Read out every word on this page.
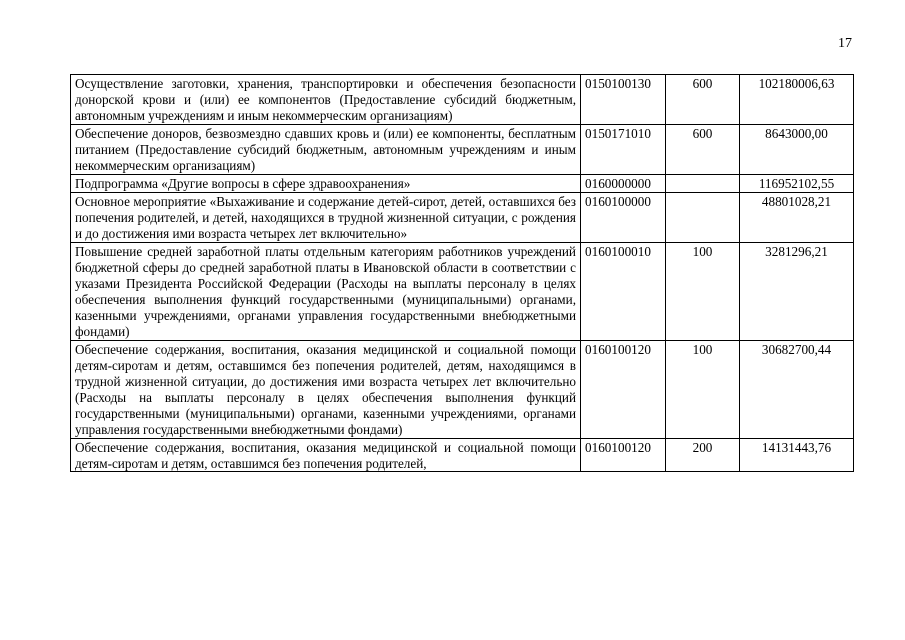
17
Осуществление заготовки, хранения, транспортировки и обеспечения безопасности донорской крови и (или) ее компонентов (Предоставление субсидий бюджетным, автономным учреждениям и иным некоммерческим организациям)	0150100130	600	102180006,63
Обеспечение доноров, безвозмездно сдавших кровь и (или) ее компоненты, бесплатным питанием (Предоставление субсидий бюджетным, автономным учреждениям и иным некоммерческим организациям)	0150171010	600	8643000,00
Подпрограмма «Другие вопросы в сфере здравоохранения»	0160000000		116952102,55
Основное мероприятие «Выхаживание и содержание детей-сирот, детей, оставшихся без попечения родителей, и детей, находящихся в трудной жизненной ситуации, с рождения и до достижения ими возраста четырех лет включительно»	0160100000		48801028,21
Повышение средней заработной платы отдельным категориям работников учреждений бюджетной сферы до средней заработной платы в Ивановской области в соответствии с указами Президента Российской Федерации (Расходы на выплаты персоналу в целях обеспечения выполнения функций государственными (муниципальными) органами, казенными учреждениями, органами управления государственными внебюджетными фондами)	0160100010	100	3281296,21
Обеспечение содержания, воспитания, оказания медицинской и социальной помощи детям-сиротам и детям, оставшимся без попечения родителей, детям, находящимся в трудной жизненной ситуации, до достижения ими возраста четырех лет включительно (Расходы на выплаты персоналу в целях обеспечения выполнения функций государственными (муниципальными) органами, казенными учреждениями, органами управления государственными внебюджетными фондами)	0160100120	100	30682700,44

Обеспечение содержания, воспитания, оказания медицинской и социальной помощи детям-сиротам и детям, оставшимся без попечения родителей,	0160100120	200	14131443,76
